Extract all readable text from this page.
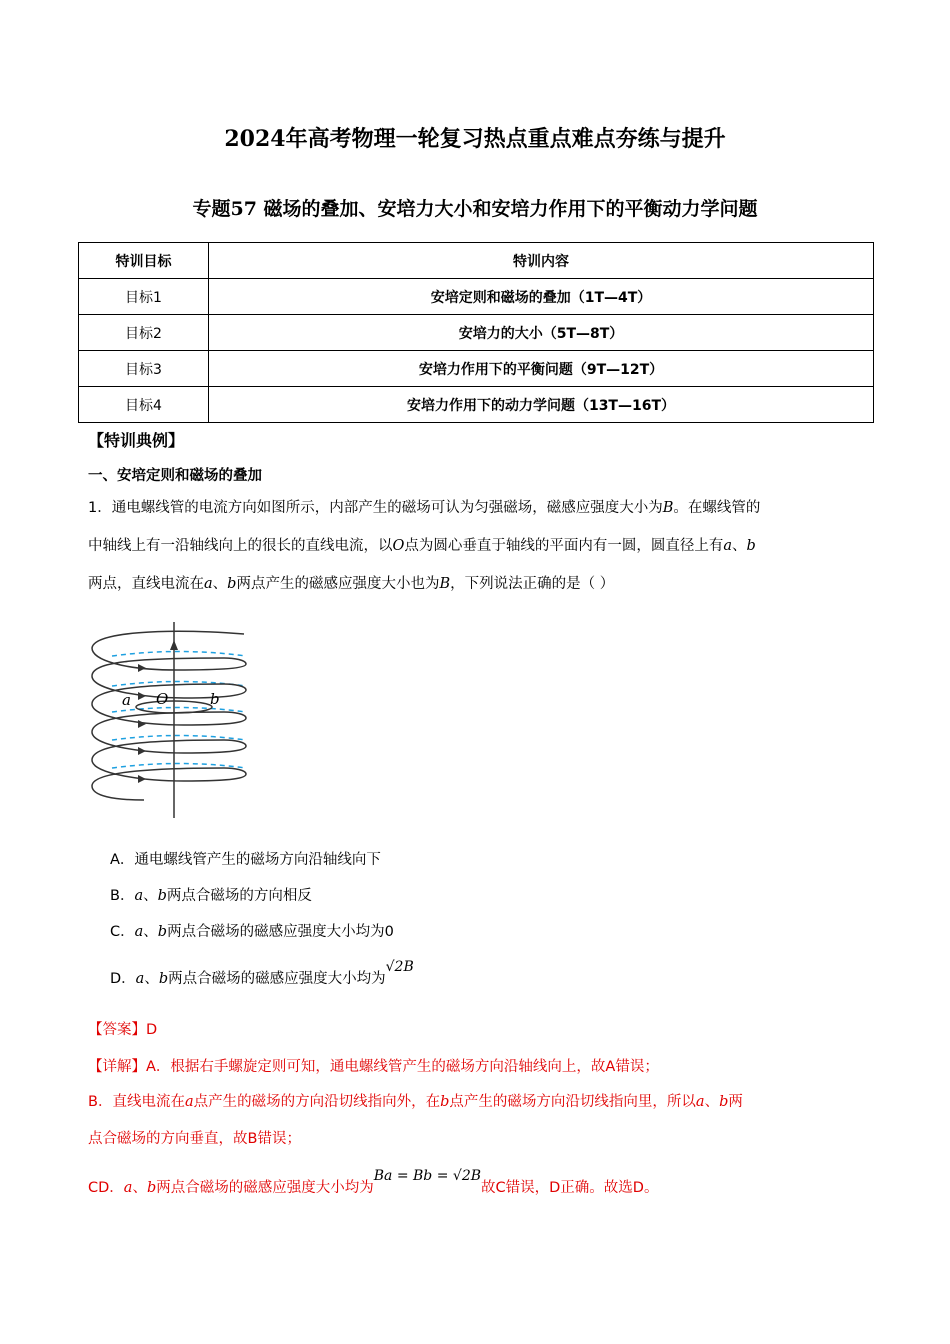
2024年高考物理一轮复习热点重点难点夯练与提升
专题57 磁场的叠加、安培力大小和安培力作用下的平衡动力学问题
特训目标	特训内容
目标1	安培定则和磁场的叠加（1T—4T）
目标2	安培力的大小（5T—8T）
目标3	安培力作用下的平衡问题（9T—12T）
目标4	安培力作用下的动力学问题（13T—16T）
【特训典例】
一、安培定则和磁场的叠加
1．通电螺线管的电流方向如图所示，内部产生的磁场可认为匀强磁场，磁感应强度大小为B。在螺线管的
中轴线上有一沿轴线向上的很长的直线电流，以O点为圆心垂直于轴线的平面内有一圆，圆直径上有a、b
两点，直线电流在a、b两点产生的磁感应强度大小也为B，下列说法正确的是（ ）
a O	b
A．通电螺线管产生的磁场方向沿轴线向下
B．a、b两点合磁场的方向相反
C．a、b两点合磁场的磁感应强度大小均为0
D．a、b两点合磁场的磁感应强度大小均为√2B
【答案】D
【详解】A．根据右手螺旋定则可知，通电螺线管产生的磁场方向沿轴线向上，故A错误；
B．直线电流在a点产生的磁场的方向沿切线指向外，在b点产生的磁场方向沿切线指向里，所以a、b两
点合磁场的方向垂直，故B错误；
CD．a、b两点合磁场的磁感应强度大小均为Ba = Bb = √2B故C错误，D正确。故选D。
